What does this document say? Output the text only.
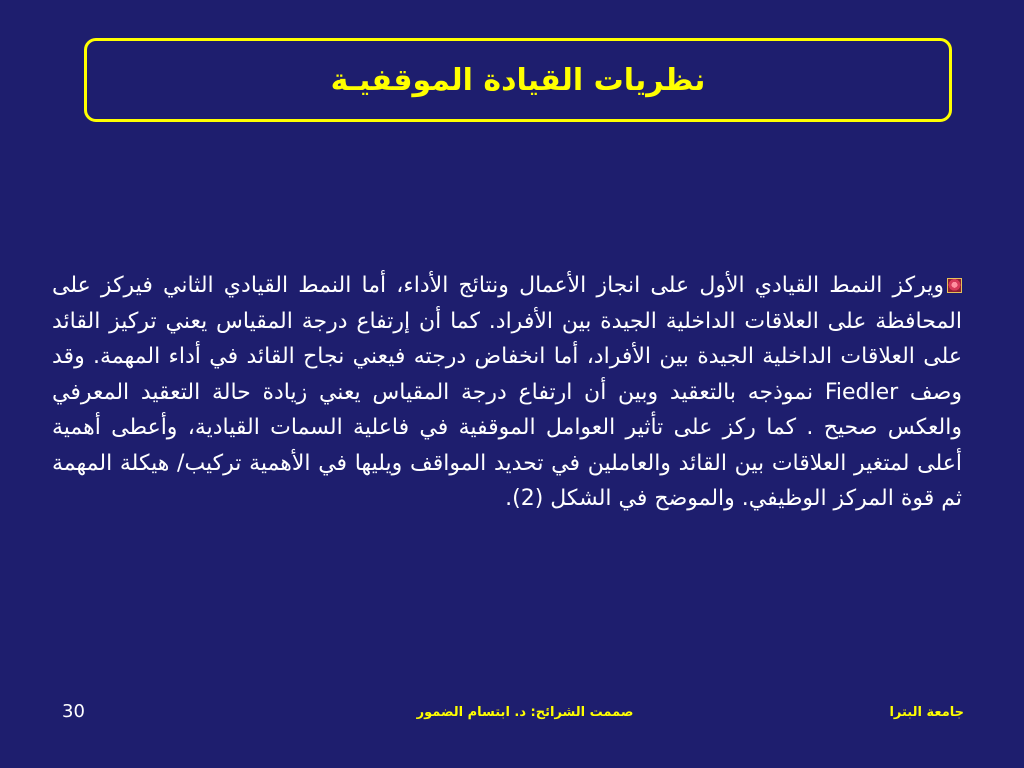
نظريات القيادة الموقفيـة
ويركز النمط القيادي الأول على انجاز الأعمال ونتائج الأداء، أما النمط القيادي الثاني فيركز على المحافظة على العلاقات الداخلية الجيدة بين الأفراد. كما أن إرتفاع درجة المقياس يعني تركيز القائد على العلاقات الداخلية الجيدة بين الأفراد، أما انخفاض درجته فيعني نجاح القائد في أداء المهمة. وقد وصف Fiedler نموذجه بالتعقيد وبين أن ارتفاع درجة المقياس يعني زيادة حالة التعقيد المعرفي والعكس صحيح . كما ركز على تأثير العوامل الموقفية في فاعلية السمات القيادية، وأعطى أهمية أعلى لمتغير العلاقات بين القائد والعاملين في تحديد المواقف ويليها في الأهمية تركيب/ هيكلة المهمة ثم قوة المركز الوظيفي. والموضح في الشكل (2).
جامعة البترا
صممت الشرائح: د. ابتسام الضمور
30
